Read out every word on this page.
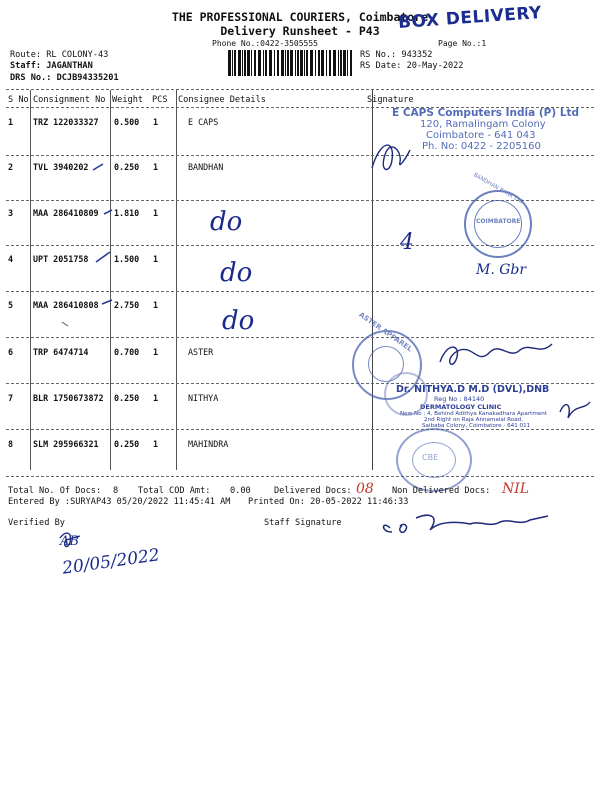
THE PROFESSIONAL COURIERS, Coimbatore
Delivery Runsheet - P43
Phone No.:0422-3505555	Page No.:1
BOX DELIVERY
Route: RL COLONY-43
Staff: JAGANTHAN
DRS No.: DCJB94335201
RS No.: 943352
RS Date: 20-May-2022
S No Consignment No Weight PCS Consignee Details	Signature
1 TRZ 122033327 0.500 1	E CAPS
2 TVL 3940202	0.250 1	BANDHAN
3 MAA 286410809 1.810 1
4 UPT 2051758	1.500 1
5 MAA 286410808 2.750 1
6 TRP 6474714	0.700 1	ASTER
7 BLR 1750673872 0.250 1	NITHYA
8 SLM 295966321 0.250 1	MAHINDRA
do
do
do
4
M. Gbr
E CAPS Computers India (P) Ltd
120, Ramalingam Colony
Coimbatore - 641 043
Ph. No: 0422 - 2205160
COIMBATORE
BANDHAN BANK LTD
ASTER APPAREL
Dr. NITHYA.D M.D (DVL),DNB
Reg No : 84140
DERMATOLOGY CLINIC
New No : 4, Behind Adithya Kanakadhara Apartment
2nd Right on Raja Annamalai Road,
Saibaba Colony, Coimbatore - 641 011
CBE
Total No. Of Docs: 8 Total COD Amt: 0.00	Delivered Docs: 08 Non Delivered Docs: NIL
Entered By :SURYAP43 05/20/2022 11:45:41 AM Printed On: 20-05-2022 11:46:33
Verified By	Staff Signature
AB
20/05/2022
